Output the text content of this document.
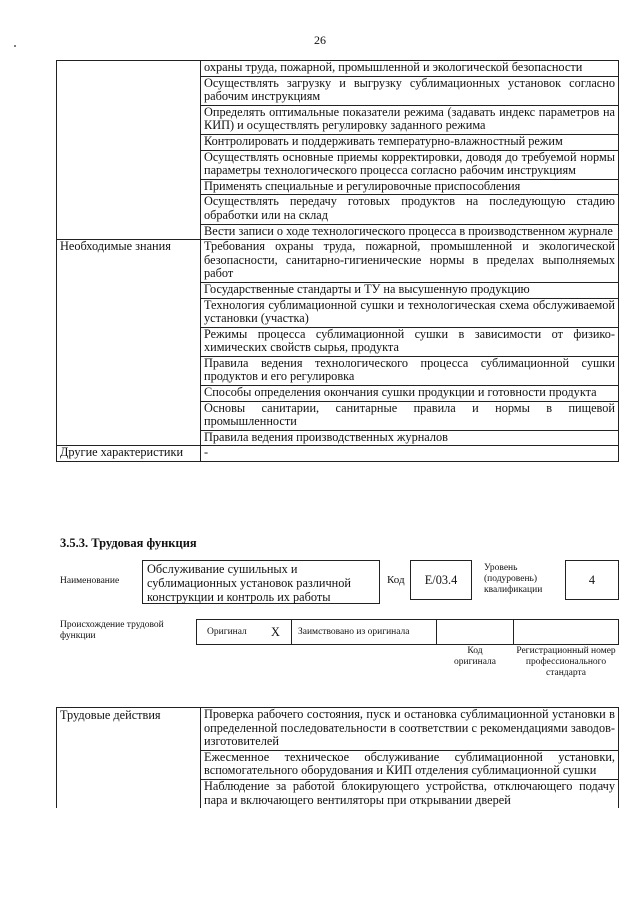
26
	охраны труда, пожарной, промышленной и экологической безопасности
	Осуществлять загрузку и выгрузку сублимационных установок согласно рабочим инструкциям
	Определять оптимальные показатели режима (задавать индекс параметров на КИП) и осуществлять регулировку заданного режима
	Контролировать и поддерживать температурно-влажностный режим
	Осуществлять основные приемы корректировки, доводя до требуемой нормы параметры технологического процесса согласно рабочим инструкциям
	Применять специальные и регулировочные приспособления
	Осуществлять передачу готовых продуктов на последующую стадию обработки или на склад
	Вести записи о ходе технологического процесса в производственном журнале
Необходимые знания	Требования охраны труда, пожарной, промышленной и экологической безопасности, санитарно-гигиенические нормы в пределах выполняемых работ
	Государственные стандарты и ТУ на высушенную продукцию
	Технология сублимационной сушки и технологическая схема обслуживаемой установки (участка)
	Режимы процесса сублимационной сушки в зависимости от физико-химических свойств сырья, продукта
	Правила ведения технологического процесса сублимационной сушки продуктов и его регулировка
	Способы определения окончания сушки продукции и готовности продукта
	Основы санитарии, санитарные правила и нормы в пищевой промышленности
	Правила ведения производственных журналов
Другие характеристики	-
3.5.3. Трудовая функция
Наименование
Обслуживание сушильных и сублимационных установок различной конструкции и контроль их работы
Код Е/03.4
Уровень (подуровень) квалификации
4
Происхождение трудовой функции	Оригинал X Заимствовано из оригинала
Код оригинала
Регистрационный номер профессионального стандарта
Трудовые действия	Проверка рабочего состояния, пуск и остановка сублимационной установки в определенной последовательности в соответствии с рекомендациями заводов-изготовителей
Ежесменное техническое обслуживание сублимационной установки, вспомогательного оборудования и КИП отделения сублимационной сушки
Наблюдение за работой блокирующего устройства, отключающего подачу пара и включающего вентиляторы при открывании дверей
